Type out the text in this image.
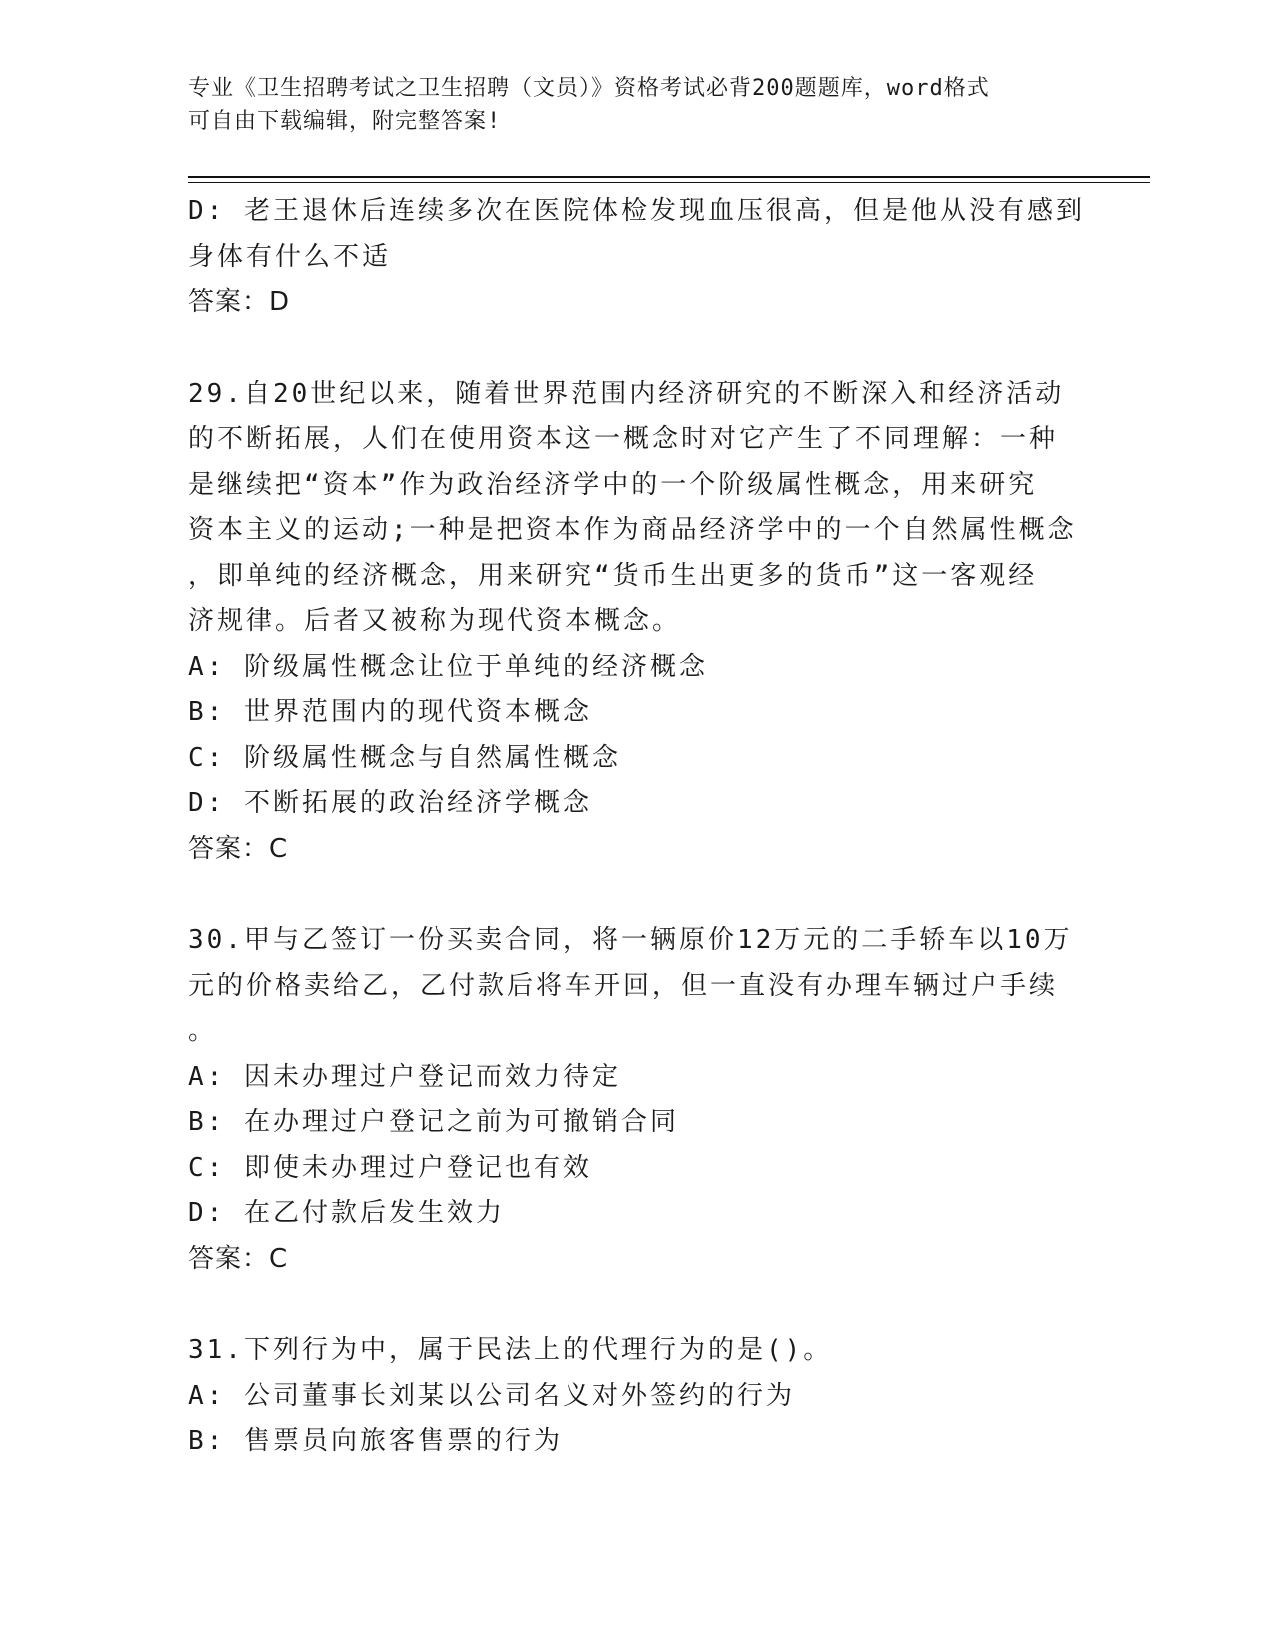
专业《卫生招聘考试之卫生招聘（文员）》资格考试必背200题题库，word格式
可自由下载编辑，附完整答案!
D: 老王退休后连续多次在医院体检发现血压很高，但是他从没有感到
身体有什么不适
答案：D
29.自20世纪以来，随着世界范围内经济研究的不断深入和经济活动
的不断拓展，人们在使用资本这一概念时对它产生了不同理解：一种
是继续把“资本”作为政治经济学中的一个阶级属性概念，用来研究
资本主义的运动;一种是把资本作为商品经济学中的一个自然属性概念
，即单纯的经济概念，用来研究“货币生出更多的货币”这一客观经
济规律。后者又被称为现代资本概念。
A: 阶级属性概念让位于单纯的经济概念
B: 世界范围内的现代资本概念
C: 阶级属性概念与自然属性概念
D: 不断拓展的政治经济学概念
答案：C
30.甲与乙签订一份买卖合同，将一辆原价12万元的二手轿车以10万
元的价格卖给乙，乙付款后将车开回，但一直没有办理车辆过户手续
。
A: 因未办理过户登记而效力待定
B: 在办理过户登记之前为可撤销合同
C: 即使未办理过户登记也有效
D: 在乙付款后发生效力
答案：C
31.下列行为中，属于民法上的代理行为的是()。
A: 公司董事长刘某以公司名义对外签约的行为
B: 售票员向旅客售票的行为
